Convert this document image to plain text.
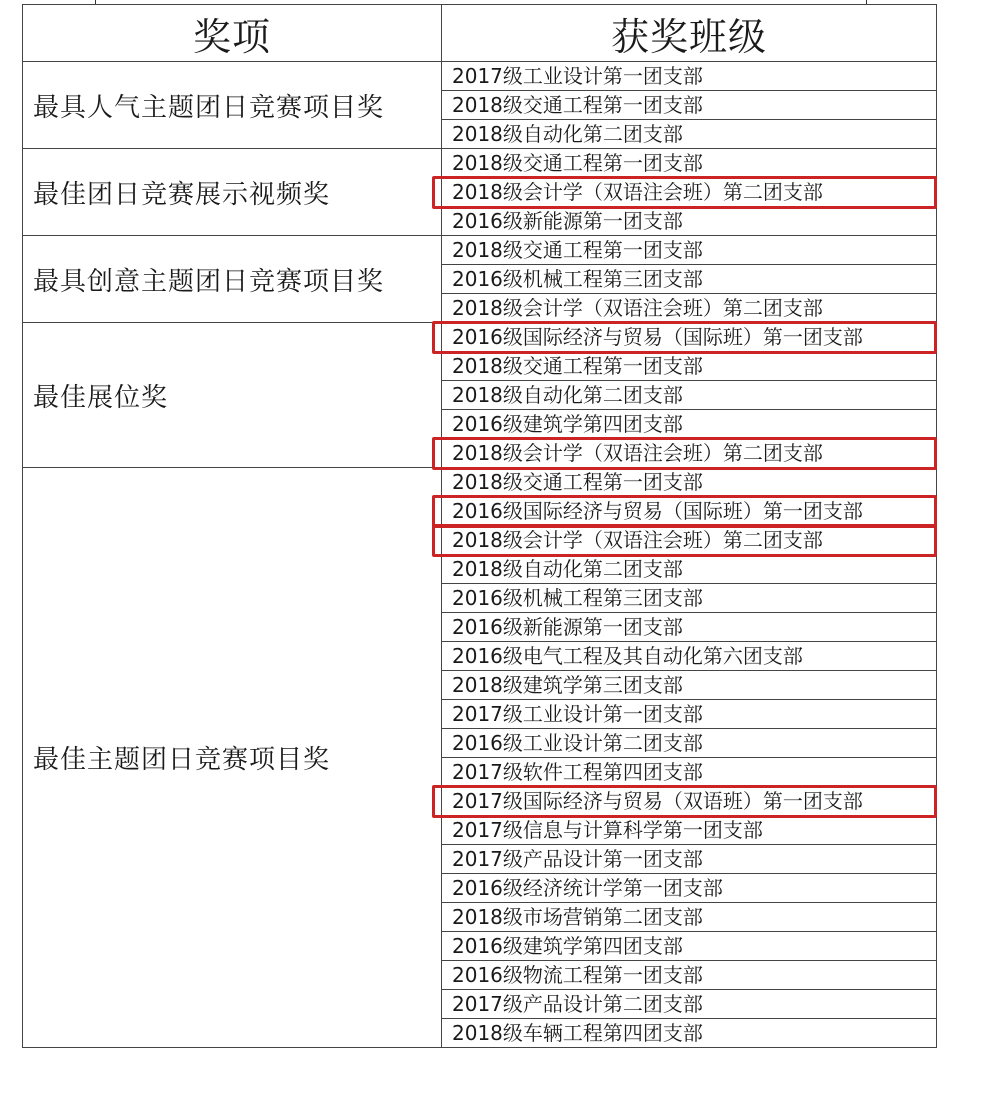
奖项	获奖班级
最具人气主题团日竞赛项目奖	2017级工业设计第一团支部
	2018级交通工程第一团支部
	2018级自动化第二团支部
最佳团日竞赛展示视频奖	2018级交通工程第一团支部
	2018级会计学（双语注会班）第二团支部
	2016级新能源第一团支部
最具创意主题团日竞赛项目奖	2018级交通工程第一团支部
	2016级机械工程第三团支部
	2018级会计学（双语注会班）第二团支部
最佳展位奖	2016级国际经济与贸易（国际班）第一团支部
	2018级交通工程第一团支部
	2018级自动化第二团支部
	2016级建筑学第四团支部
	2018级会计学（双语注会班）第二团支部
最佳主题团日竞赛项目奖	2018级交通工程第一团支部
	2016级国际经济与贸易（国际班）第一团支部
	2018级会计学（双语注会班）第二团支部
	2018级自动化第二团支部
	2016级机械工程第三团支部
	2016级新能源第一团支部
	2016级电气工程及其自动化第六团支部
	2018级建筑学第三团支部
	2017级工业设计第一团支部
	2016级工业设计第二团支部
	2017级软件工程第四团支部
	2017级国际经济与贸易（双语班）第一团支部
	2017级信息与计算科学第一团支部
	2017级产品设计第一团支部
	2016级经济统计学第一团支部
	2018级市场营销第二团支部
	2016级建筑学第四团支部
	2016级物流工程第一团支部
	2017级产品设计第二团支部
	2018级车辆工程第四团支部
